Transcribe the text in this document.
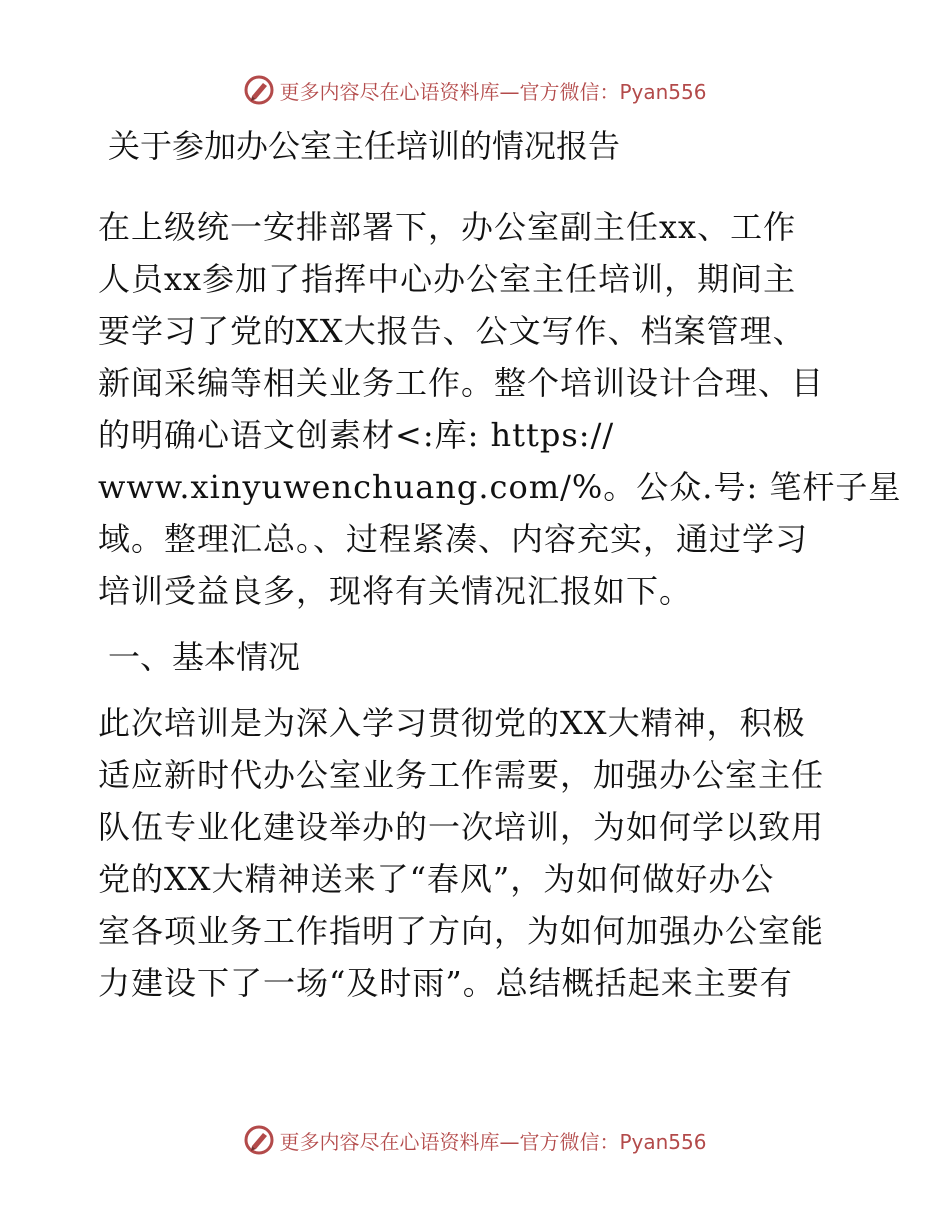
更多内容尽在心语资料库—官方微信：Pyan556
关于参加办公室主任培训的情况报告
在上级统一安排部署下，办公室副主任xx、工作
人员xx参加了指挥中心办公室主任培训，期间主
要学习了党的XX大报告、公文写作、档案管理、
新闻采编等相关业务工作。整个培训设计合理、目
的明确心语文创素材<:库: https://
www.xinyuwenchuang.com/%。公众.号: 笔杆子星
域。整理汇总。、过程紧凑、内容充实，通过学习
培训受益良多，现将有关情况汇报如下。
一、基本情况
此次培训是为深入学习贯彻党的XX大精神，积极
适应新时代办公室业务工作需要，加强办公室主任
队伍专业化建设举办的一次培训，为如何学以致用
党的XX大精神送来了“春风”，为如何做好办公
室各项业务工作指明了方向，为如何加强办公室能
力建设下了一场“及时雨”。总结概括起来主要有
更多内容尽在心语资料库—官方微信：Pyan556
